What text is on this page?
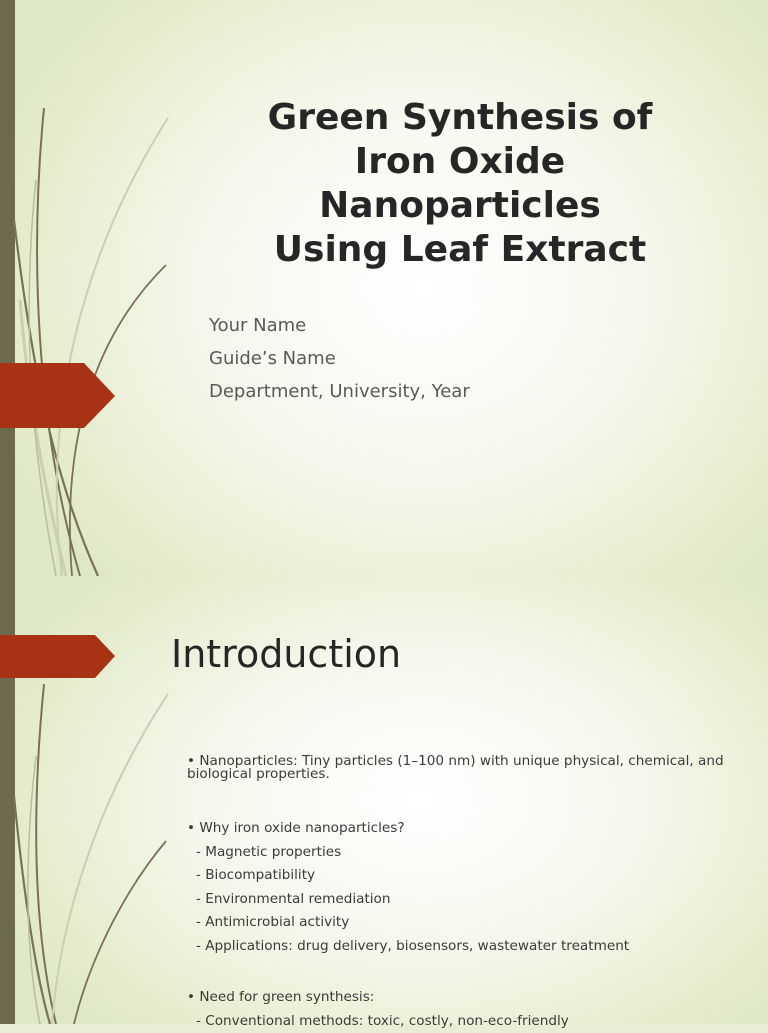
Green Synthesis of
Iron Oxide
Nanoparticles
Using Leaf Extract
Your Name
Guide’s Name
Department, University, Year
Introduction

• Nanoparticles: Tiny particles (1–100 nm) with unique physical, chemical, and biological properties.

• Why iron oxide nanoparticles?
- Magnetic properties
- Biocompatibility
- Environmental remediation
- Antimicrobial activity
- Applications: drug delivery, biosensors, wastewater treatment
• Need for green synthesis:
- Conventional methods: toxic, costly, non-eco-friendly
